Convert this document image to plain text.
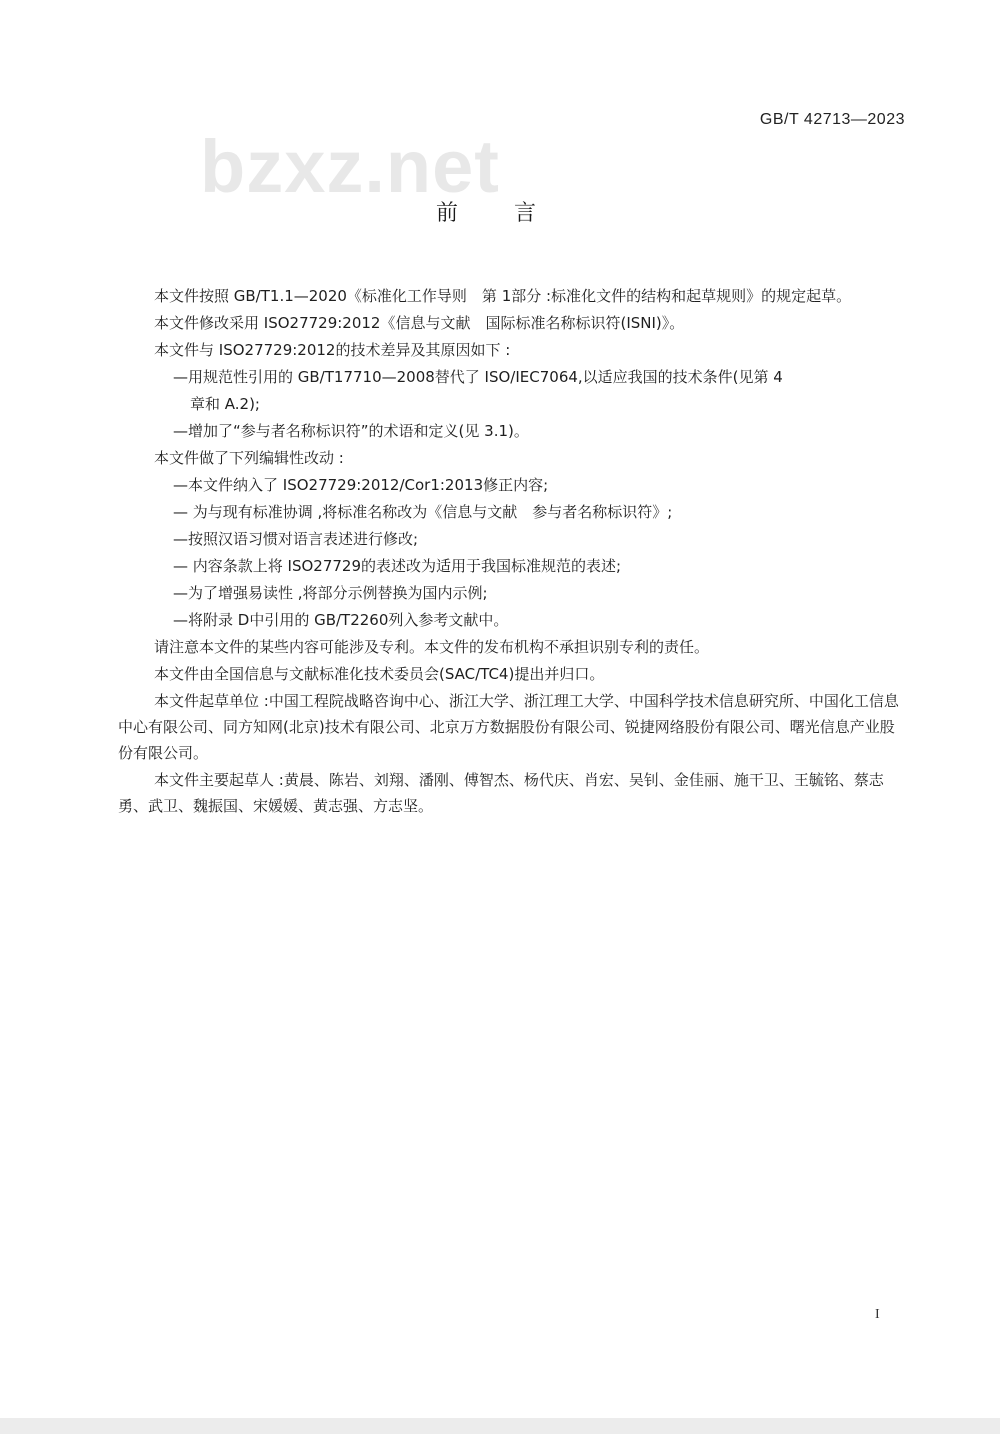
GB/T 42713—2023
bzxz.net
前言

本文件按照 GB/T1.1—2020《标准化工作导则　第 1部分 :标准化文件的结构和起草规则》的规定起草。

本文件修改采用 ISO27729:2012《信息与文献　国际标准名称标识符(ISNI)》。

本文件与 ISO27729:2012的技术差异及其原因如下 :

—用规范性引用的 GB/T17710—2008替代了 ISO/IEC7064,以适应我国的技术条件(见第 4

章和 A.2);

—增加了“参与者名称标识符”的术语和定义(见 3.1)。

本文件做了下列编辑性改动 :

—本文件纳入了 ISO27729:2012/Cor1:2013修正内容;

— 为与现有标准协调 ,将标准名称改为《信息与文献　参与者名称标识符》;

—按照汉语习惯对语言表述进行修改;

— 内容条款上将 ISO27729的表述改为适用于我国标准规范的表述;

—为了增强易读性 ,将部分示例替换为国内示例;

—将附录 D中引用的 GB/T2260列入参考文献中。

请注意本文件的某些内容可能涉及专利。本文件的发布机构不承担识别专利的责任。

本文件由全国信息与文献标准化技术委员会(SAC/TC4)提出并归口。

本文件起草单位 :中国工程院战略咨询中心、浙江大学、浙江理工大学、中国科学技术信息研究所、中国化工信息中心有限公司、同方知网(北京)技术有限公司、北京万方数据股份有限公司、锐捷网络股份有限公司、曙光信息产业股份有限公司。

本文件主要起草人 :黄晨、陈岩、刘翔、潘刚、傅智杰、杨代庆、肖宏、吴钊、金佳丽、施干卫、王毓铭、蔡志勇、武卫、魏振国、宋媛媛、黄志强、方志坚。

I
